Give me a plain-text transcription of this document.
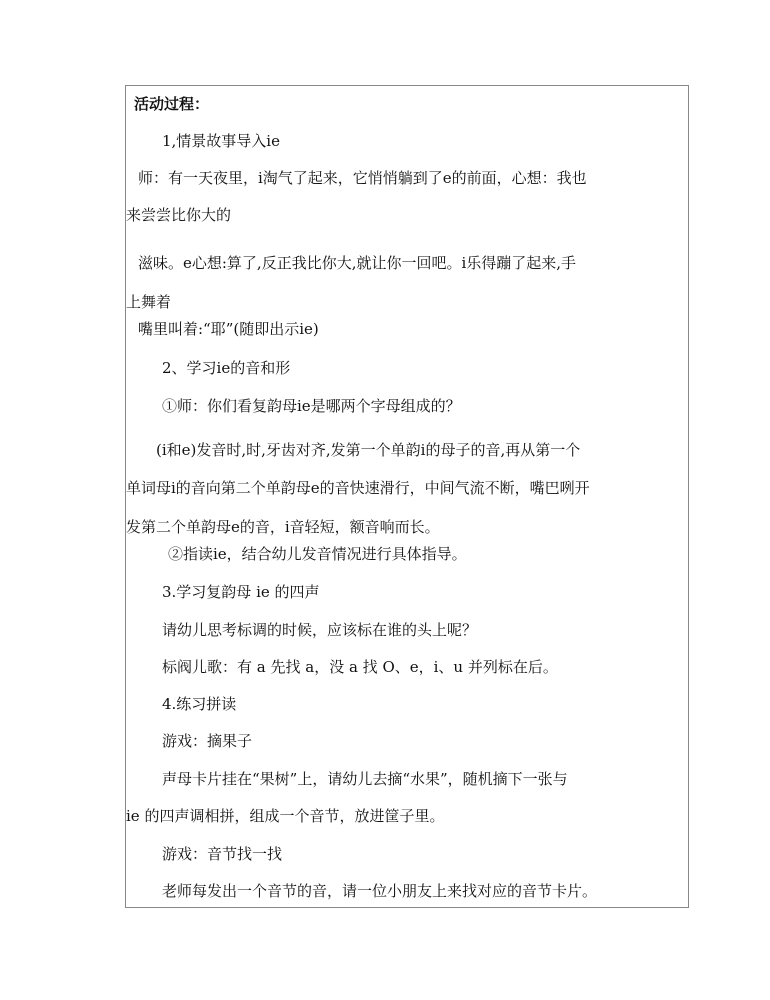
活动过程：
1,情景故事导入ie
师：有一天夜里，i淘气了起来，它悄悄躺到了e的前面，心想：我也
来尝尝比你大的
滋味。e心想:算了,反正我比你大,就让你一回吧。i乐得蹦了起来,手
上舞着
嘴里叫着:“耶”(随即出示ie)
2、学习ie的音和形
①师：你们看复韵母ie是哪两个字母组成的？
(i和e)发音时,时,牙齿对齐,发第一个单韵i的母子的音,再从第一个
单词母i的音向第二个单韵母e的音快速滑行，中间气流不断，嘴巴咧开
发第二个单韵母e的音，i音轻短，额音响而长。
②指读ie，结合幼儿发音情况进行具体指导。
3.学习复韵母 ie 的四声
请幼儿思考标调的时候，应该标在谁的头上呢？
标阀儿歌：有 a 先找 a，没 a 找 O、e，i、u 并列标在后。
4.练习拼读
游戏：摘果子
声母卡片挂在“果树”上，请幼儿去摘“水果”，随机摘下一张与
ie 的四声调相拼，组成一个音节，放进筐子里。
游戏：音节找一找
老师每发出一个音节的音，请一位小朋友上来找对应的音节卡片。
